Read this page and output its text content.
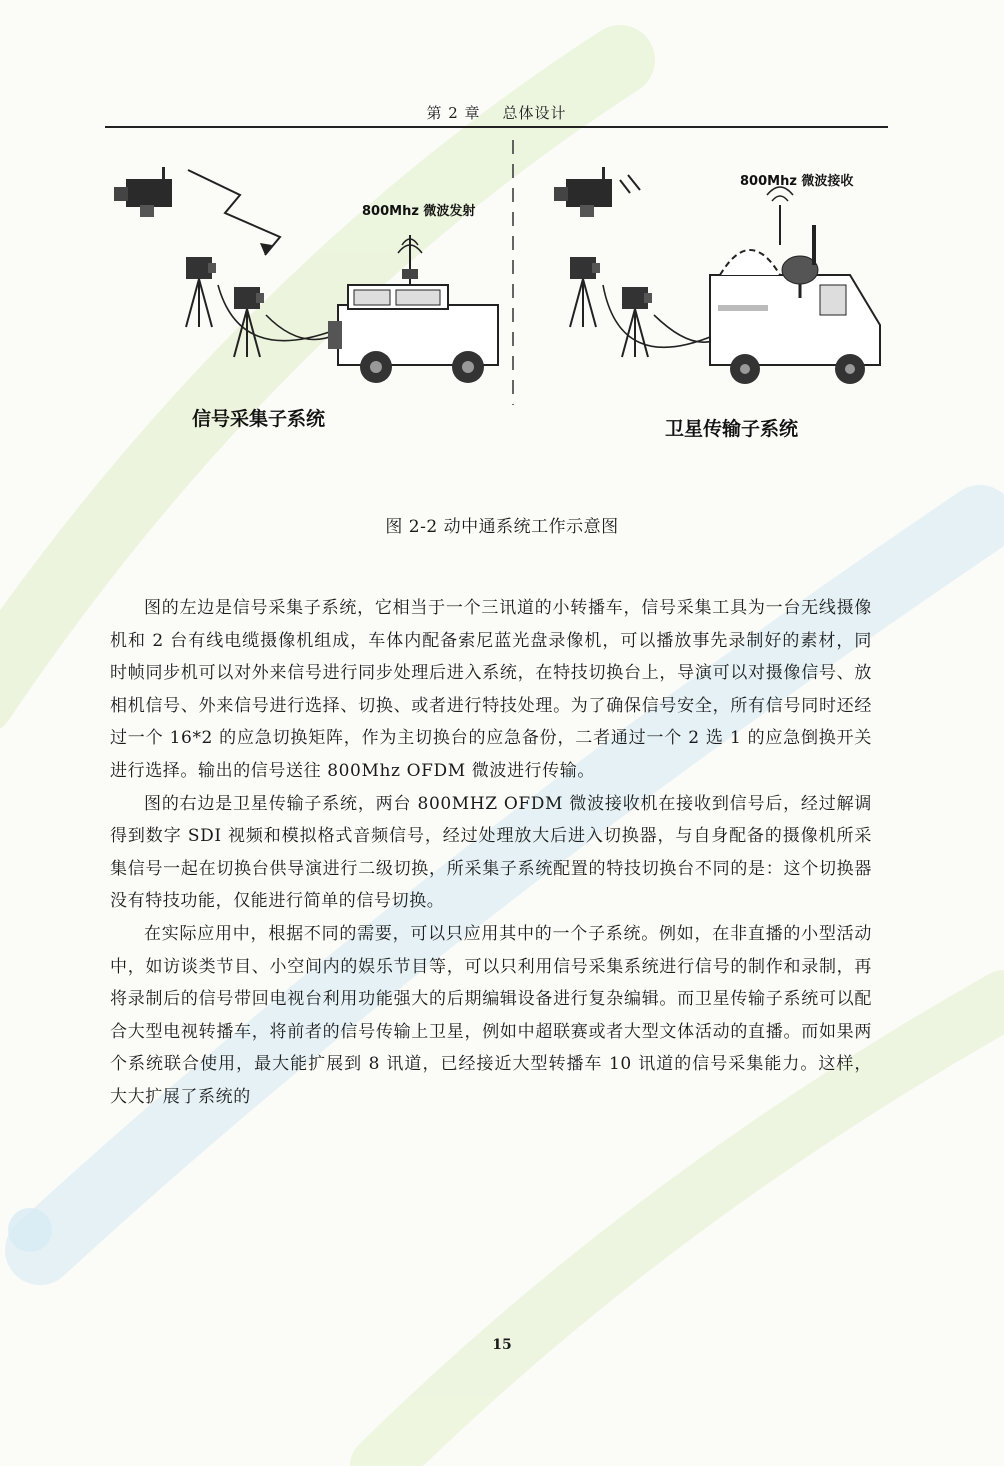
第 2 章 总体设计
800Mhz 微波发射
信号采集子系统
800Mhz 微波接收
卫星传输子系统
图 2-2 动中通系统工作示意图

图的左边是信号采集子系统，它相当于一个三讯道的小转播车，信号采集工具为一台无线摄像机和 2 台有线电缆摄像机组成，车体内配备索尼蓝光盘录像机，可以播放事先录制好的素材，同时帧同步机可以对外来信号进行同步处理后进入系统，在特技切换台上，导演可以对摄像信号、放相机信号、外来信号进行选择、切换、或者进行特技处理。为了确保信号安全，所有信号同时还经过一个 16*2 的应急切换矩阵，作为主切换台的应急备份，二者通过一个 2 选 1 的应急倒换开关进行选择。输出的信号送往 800Mhz OFDM 微波进行传输。

图的右边是卫星传输子系统，两台 800MHZ OFDM 微波接收机在接收到信号后，经过解调得到数字 SDI 视频和模拟格式音频信号，经过处理放大后进入切换器，与自身配备的摄像机所采集信号一起在切换台供导演进行二级切换，所采集子系统配置的特技切换台不同的是：这个切换器没有特技功能，仅能进行简单的信号切换。

在实际应用中，根据不同的需要，可以只应用其中的一个子系统。例如，在非直播的小型活动中，如访谈类节目、小空间内的娱乐节目等，可以只利用信号采集系统进行信号的制作和录制，再将录制后的信号带回电视台利用功能强大的后期编辑设备进行复杂编辑。而卫星传输子系统可以配合大型电视转播车，将前者的信号传输上卫星，例如中超联赛或者大型文体活动的直播。而如果两个系统联合使用，最大能扩展到 8 讯道，已经接近大型转播车 10 讯道的信号采集能力。这样，大大扩展了系统的

15
